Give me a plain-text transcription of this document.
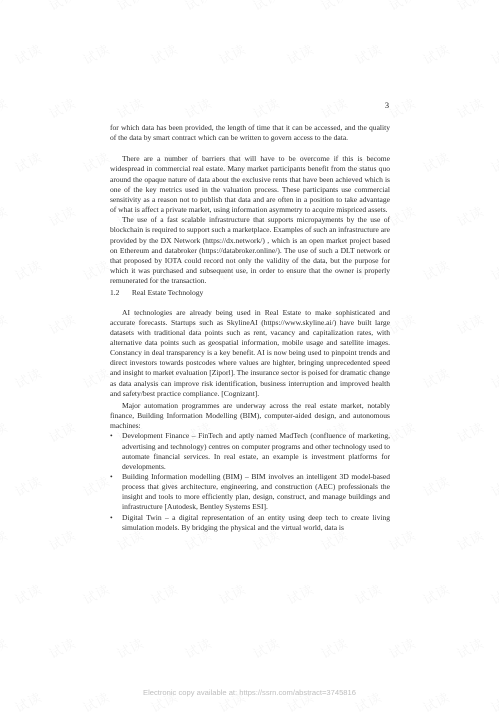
3

for which data has been provided, the length of time that it can be accessed, and the quality of the data by smart contract which can be written to govern access to the data.

There are a number of barriers that will have to be overcome if this is become widespread in commercial real estate. Many market participants benefit from the status quo around the opaque nature of data about the exclusive rents that have been achieved which is one of the key metrics used in the valuation process. These participants use commercial sensitivity as a reason not to publish that data and are often in a position to take advantage of what is affect a private market, using information asymmetry to acquire mispriced assets.

The use of a fast scalable infrastructure that supports micropayments by the use of blockchain is required to support such a marketplace. Examples of such an infrastructure are provided by the DX Network (https://dx.network/) , which is an open market project based on Ethereum and databroker (https://databroker.online/). The use of such a DLT network or that proposed by IOTA could record not only the validity of the data, but the purpose for which it was purchased and subsequent use, in order to ensure that the owner is properly remunerated for the transaction.

1.2 Real Estate Technology

AI technologies are already being used in Real Estate to make sophisticated and accurate forecasts. Startups such as SkylineAI (https://www.skyline.ai/) have built large datasets with traditional data points such as rent, vacancy and capitalization rates, with alternative data points such as geospatial information, mobile usage and satellite images. Constancy in deal transparency is a key benefit. AI is now being used to pinpoint trends and direct investors towards postcodes where values are highter, bringing unprecedented speed and insight to market evaluation [Ziporl]. The insurance sector is poised for dramatic change as data analysis can improve risk identification, business interruption and improved health and safety/best practice compliance. [Cognizant].

Major automation programmes are underway across the real estate market, notably finance, Building Information Modelling (BIM), computer-aided design, and autonomous machines:

• Development Finance – FinTech and aptly named MadTech (confluence of marketing, advertising and technology) centres on computer programs and other technology used to automate financial services. In real estate, an example is investment platforms for developments.
• Building Information modelling (BIM) – BIM involves an intelligent 3D model-based process that gives architecture, engineering, and construction (AEC) professionals the insight and tools to more efficiently plan, design, construct, and manage buildings and infrastructure [Autodesk, Bentley Systems ESI].
• Digital Twin – a digital representation of an entity using deep tech to create living simulation models. By bridging the physical and the virtual world, data is
Electronic copy available at: https://ssrn.com/abstract=3745816
